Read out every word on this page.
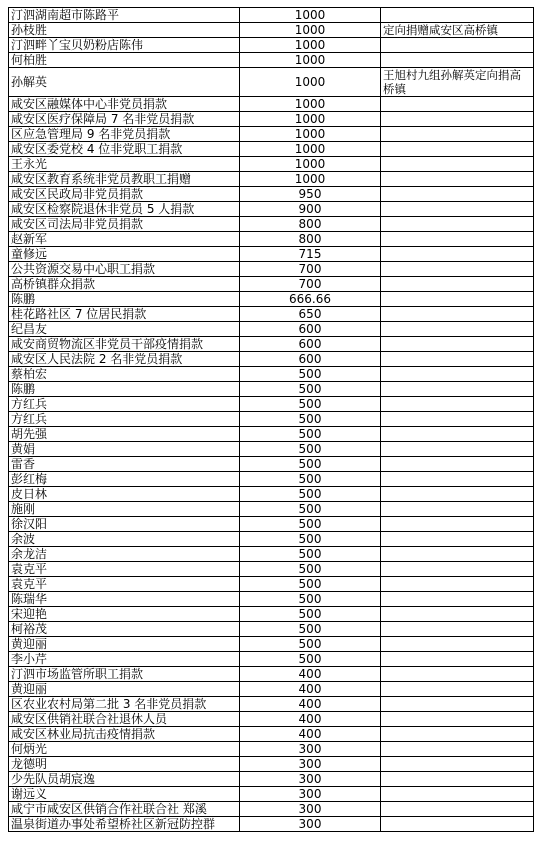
汀泗湖南超市陈路平	1000	
孙枝胜	1000	定向捐赠咸安区高桥镇
汀泗畔丫宝贝奶粉店陈伟	1000	
何柏胜	1000	
孙解英	1000	王旭村九组孙解英定向捐高桥镇
咸安区融媒体中心非党员捐款	1000	
咸安区医疗保障局 7 名非党员捐款	1000	
区应急管理局 9 名非党员捐款	1000	
咸安区委党校 4 位非党职工捐款	1000	
王永光	1000	
咸安区教育系统非党员教职工捐赠	1000	
咸安区民政局非党员捐款	950	
咸安区检察院退休非党员 5 人捐款	900	
咸安区司法局非党员捐款	800	
赵新军	800	
童修远	715	
公共资源交易中心职工捐款	700	
高桥镇群众捐款	700	
陈鹏	666.66	
桂花路社区 7 位居民捐款	650	
纪昌友	600	
咸安商贸物流区非党员干部疫情捐款	600	
咸安区人民法院 2 名非党员捐款	600	
蔡柏宏	500	
陈鹏	500	
方红兵	500	
方红兵	500	
胡先强	500	
黄娟	500	
雷香	500	
彭红梅	500	
皮日林	500	
施刚	500	
徐汉阳	500	
余波	500	
余龙洁	500	
袁克平	500	
袁克平	500	
陈瑞华	500	
宋迎艳	500	
柯裕茂	500	
黄迎丽	500	
李小芹	500	
汀泗市场监管所职工捐款	400	
黄迎丽	400	
区农业农村局第二批 3 名非党员捐款	400	
咸安区供销社联合社退休人员	400	
咸安区林业局抗击疫情捐款	400	
何炳光	300	
龙德明	300	
少先队员胡宸逸	300	
谢远义	300	
咸宁市咸安区供销合作社联合社 郑溪	300	
温泉街道办事处希望桥社区新冠防控群	300	
